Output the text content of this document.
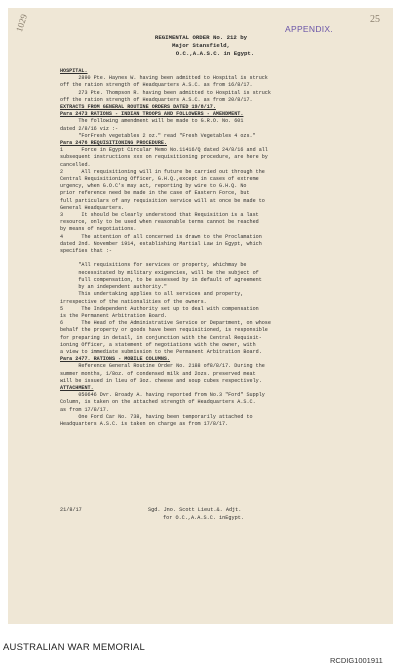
25
APPENDIX.
1029
REGIMENTAL ORDER No. 212 by
Major Stansfield,
O.C.,A.A.S.C. in Egypt.

HOSPITAL.

2890 Pte. Haynes W. having been admitted to Hospital is struck

off the ration strength of Headquarters A.S.C. as from 16/8/17.

273 Pte. Thompson R. having been admitted to Hospital is struck

off the ration strength of Headquarters A.S.C. as from 20/8/17.

EXTRACTS FROM GENERAL ROUTINE ORDERS DATED 19/8/17.

Para 2473 RATIONS - INDIAN TROOPS AND FOLLOWERS - AMENDMENT.

The following amendment will be made to G.R.O. No. 601

dated 2/8/16 viz :-

"ForFresh vegetables 2 oz." read "Fresh Vegetables 4 ozs."

Para 2476 REQUISITIONING PROCEDURE.

1      Force in Egypt Circular Memo No.11416/Q dated 24/8/16 and all

subsequent instructions xxx on requisitioning procedure, are here by

cancelled.

2      All requisitioning will in future be carried out through the

Central Requisitioning Officer, G.H.Q.,except in cases of extreme

urgency, when G.O.C's may act, reporting by wire to G.H.Q. No

prior reference need be made in the case of Eastern Force, but

full particulars of any requisition service will at once be made to

General Headquarters.

3      It should be clearly understood that Requisition is a last

resource, only to be used when reasonable terms cannot be reached

by means of negotiations.

4      The attention of all concerned is drawn to the Proclamation

dated 2nd. November 1914, establishing Martial Law in Egypt, which

specifies that :-

"All requisitions for services or property, whichmay be

necessitated by military exigencies, will be the subject of

full compensation, to be assessed by in default of agreement

by an independent authority."

This undertaking applies to all services and property,

irrespective of the nationalities of the owners.

5      The Independent Authority set up to deal with compensation

is the Permanent Arbitration Board.

6      The Head of the Administrative Service or Department, on whose

behalf the property or goods have been requisitioned, is responsible

for preparing in detail, in conjunction with the Central Requisit-

ioning Officer, a statement of negotiations with the owner, with

a view to immediate submission to the Permanent Arbitration Board.

Para 2477. RATIONS - MOBILE COLUMNS.

Reference General Routine Order No. 2188 of8/8/17. During the

summer months, 1/8oz. of condensed milk and 2ozs. preserved meat

will be issued in lieu of 3oz. cheese and soup cubes respectively.

ATTACHMENT.

050646 Dvr. Broady A. having reported from No.3 "Ford" Supply

Column, is taken on the attached strength of Headquarters A.S.C.

as from 17/8/17.

One Ford Car No. 738, having been temporarily attached to

Headquarters A.S.C. is taken on charge as from 17/8/17.

21/8/17	Sgd. Jno. Scott Lieut.&. Adjt.
for O.C.,A.A.S.C. inEgypt.
AUSTRALIAN WAR MEMORIAL
RCDIG1001911
